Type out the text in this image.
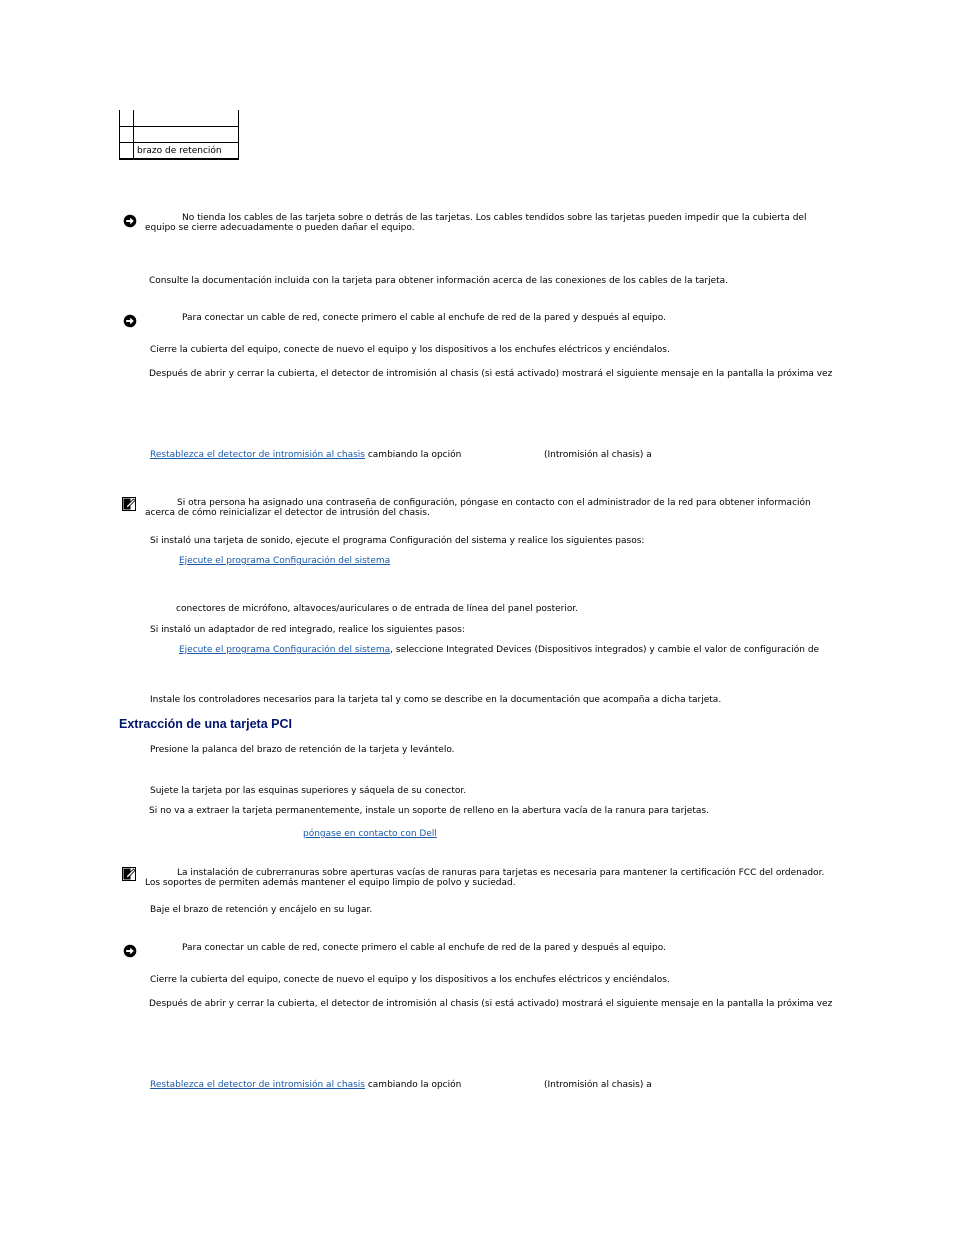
	brazo de retención
No tienda los cables de las tarjeta sobre o detrás de las tarjetas. Los cables tendidos sobre las tarjetas pueden impedir que la cubierta del equipo se cierre adecuadamente o pueden dañar el equipo.
Consulte la documentación incluida con la tarjeta para obtener información acerca de las conexiones de los cables de la tarjeta.
Para conectar un cable de red, conecte primero el cable al enchufe de red de la pared y después al equipo.
Cierre la cubierta del equipo, conecte de nuevo el equipo y los dispositivos a los enchufes eléctricos y enciéndalos.
Después de abrir y cerrar la cubierta, el detector de intromisión al chasis (si está activado) mostrará el siguiente mensaje en la pantalla la próxima vez
Restablezca el detector de intromisión al chasis cambiando la opción	(Intromisión al chasis) a
Si otra persona ha asignado una contraseña de configuración, póngase en contacto con el administrador de la red para obtener información acerca de cómo reinicializar el detector de intrusión del chasis.
Si instaló una tarjeta de sonido, ejecute el programa Configuración del sistema y realice los siguientes pasos:
Ejecute el programa Configuración del sistema
conectores de micrófono, altavoces/auriculares o de entrada de línea del panel posterior.
Si instaló un adaptador de red integrado, realice los siguientes pasos:
Ejecute el programa Configuración del sistema, seleccione Integrated Devices (Dispositivos integrados) y cambie el valor de configuración de
Instale los controladores necesarios para la tarjeta tal y como se describe en la documentación que acompaña a dicha tarjeta.
Extracción de una tarjeta PCI
Presione la palanca del brazo de retención de la tarjeta y levántelo.
Sujete la tarjeta por las esquinas superiores y sáquela de su conector.
Si no va a extraer la tarjeta permanentemente, instale un soporte de relleno en la abertura vacía de la ranura para tarjetas.
póngase en contacto con Dell
La instalación de cubrerranuras sobre aperturas vacías de ranuras para tarjetas es necesaria para mantener la certificación FCC del ordenador. Los soportes de permiten además mantener el equipo limpio de polvo y suciedad.
Baje el brazo de retención y encájelo en su lugar.
Para conectar un cable de red, conecte primero el cable al enchufe de red de la pared y después al equipo.
Cierre la cubierta del equipo, conecte de nuevo el equipo y los dispositivos a los enchufes eléctricos y enciéndalos.
Después de abrir y cerrar la cubierta, el detector de intromisión al chasis (si está activado) mostrará el siguiente mensaje en la pantalla la próxima vez
Restablezca el detector de intromisión al chasis cambiando la opción	(Intromisión al chasis) a
